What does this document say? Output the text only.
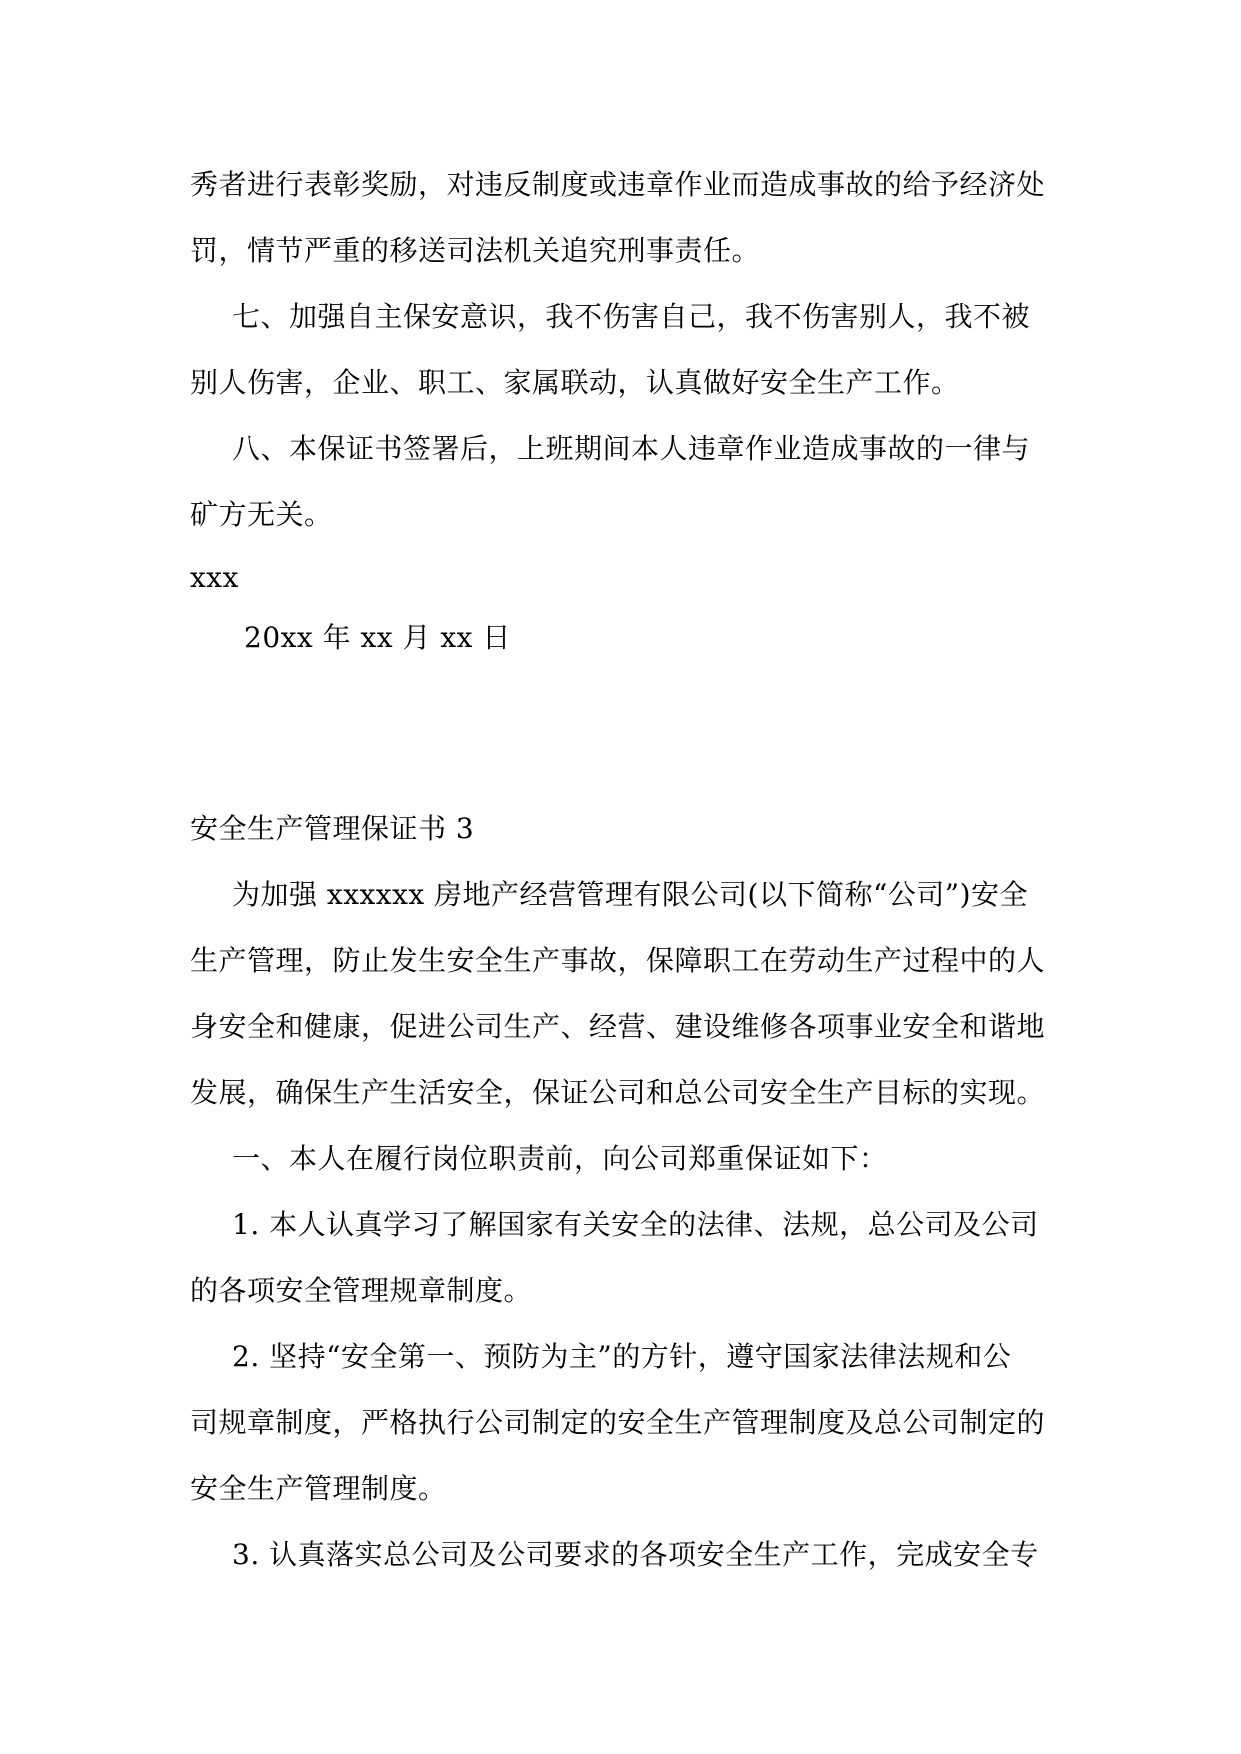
秀者进行表彰奖励，对违反制度或违章作业而造成事故的给予经济处
罚，情节严重的移送司法机关追究刑事责任。
七、加强自主保安意识，我不伤害自己，我不伤害别人，我不被
别人伤害，企业、职工、家属联动，认真做好安全生产工作。
八、本保证书签署后，上班期间本人违章作业造成事故的一律与
矿方无关。
xxx
20xx 年 xx 月 xx 日
安全生产管理保证书 3
为加强 xxxxxx 房地产经营管理有限公司(以下简称“公司”)安全
生产管理，防止发生安全生产事故，保障职工在劳动生产过程中的人
身安全和健康，促进公司生产、经营、建设维修各项事业安全和谐地
发展，确保生产生活安全，保证公司和总公司安全生产目标的实现。
一、本人在履行岗位职责前，向公司郑重保证如下：
1. 本人认真学习了解国家有关安全的法律、法规，总公司及公司
的各项安全管理规章制度。
2. 坚持“安全第一、预防为主”的方针，遵守国家法律法规和公
司规章制度，严格执行公司制定的安全生产管理制度及总公司制定的
安全生产管理制度。
3. 认真落实总公司及公司要求的各项安全生产工作，完成安全专
